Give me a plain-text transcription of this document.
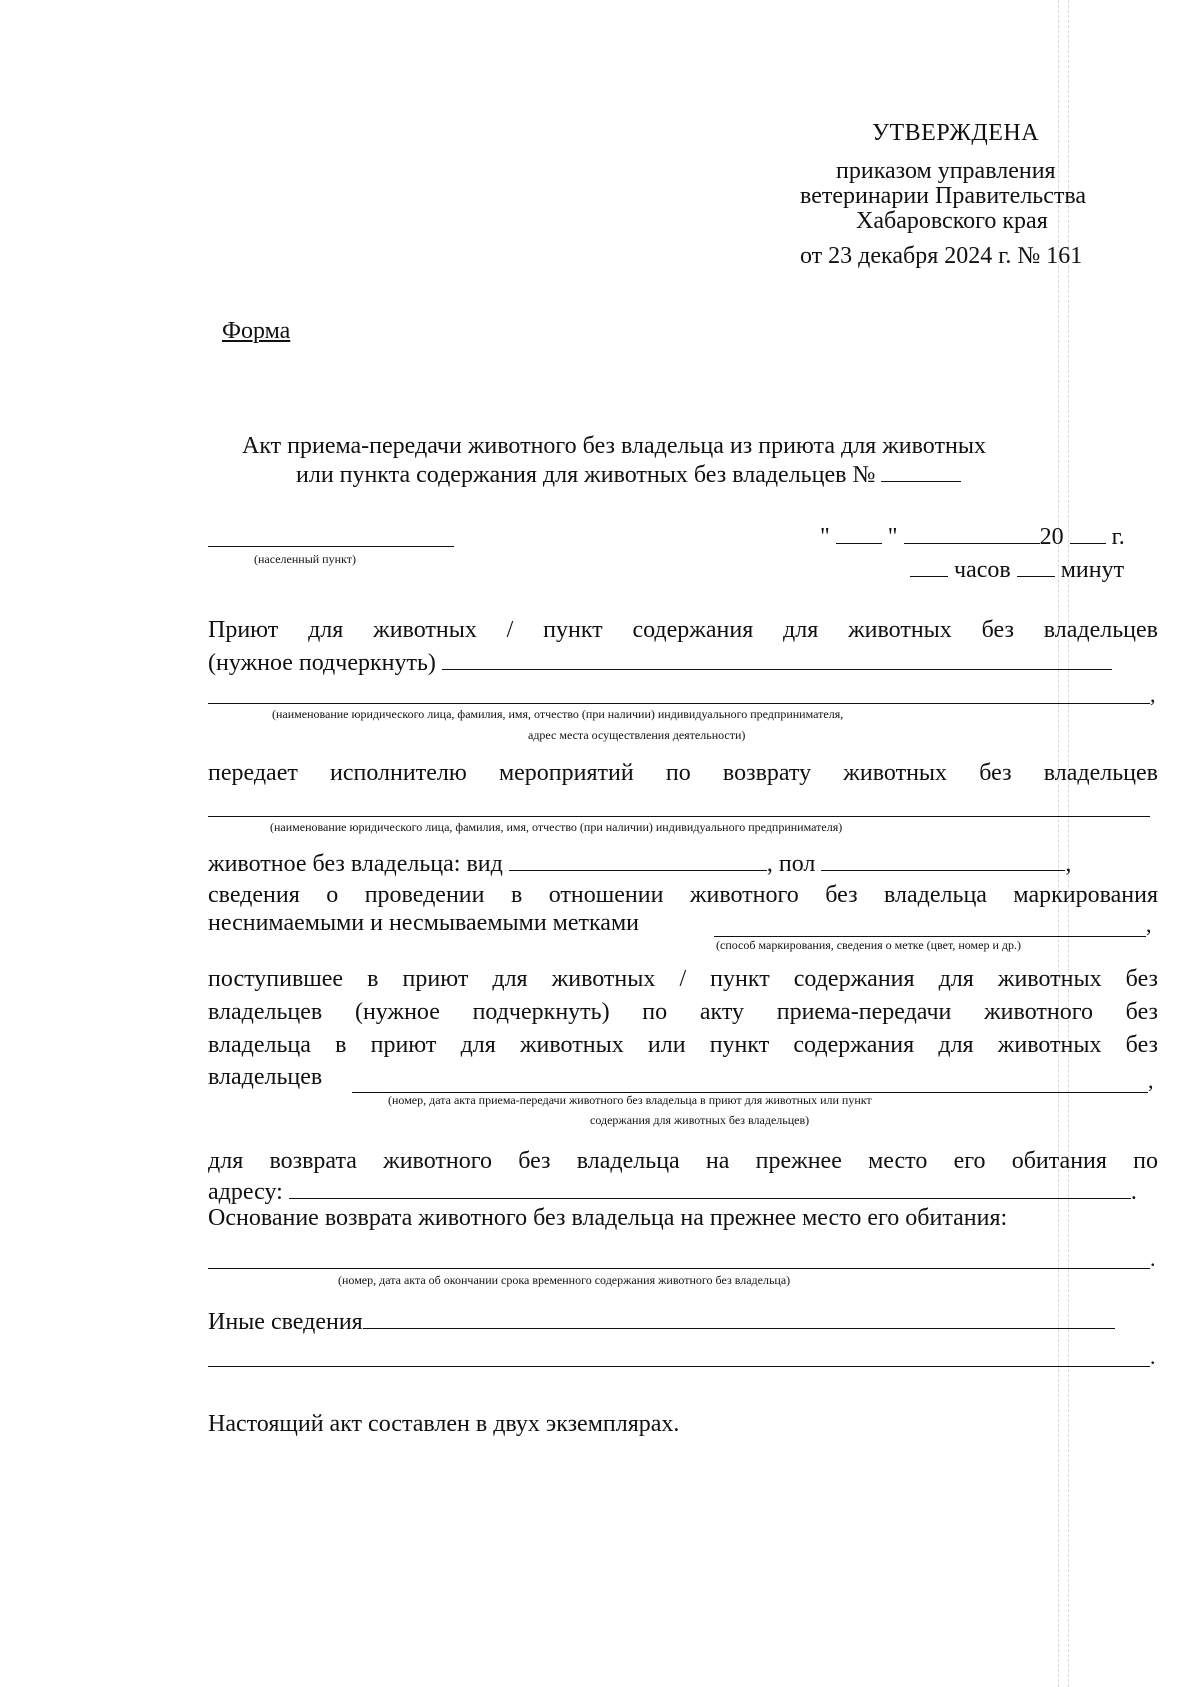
УТВЕРЖДЕНА
приказом управления
ветеринарии Правительства
Хабаровского края
от 23 декабря 2024 г. № 161
Форма
Акт приема-передачи животного без владельца из приюта для животных
или пункта содержания для животных без владельцев №
(населенный пункт)
" "	20 г.
часов минут
Приют для животных / пункт содержания для животных без владельцев
(нужное подчеркнуть)
,
(наименование юридического лица, фамилия, имя, отчество (при наличии) индивидуального предпринимателя,
адрес места осуществления деятельности)
передает исполнителю мероприятий по возврату животных без владельцев
(наименование юридического лица, фамилия, имя, отчество (при наличии) индивидуального предпринимателя)
животное без владельца: вид	, пол	,
сведения о проведении в отношении животного без владельца маркирования
неснимаемыми и несмываемыми метками	,
(способ маркирования, сведения о метке (цвет, номер и др.)
поступившее в приют для животных / пункт содержания для животных без
владельцев (нужное подчеркнуть) по акту приема-передачи животного без
владельца в приют для животных или пункт содержания для животных без
владельцев	,
(номер, дата акта приема-передачи животного без владельца в приют для животных или пункт
содержания для животных без владельцев)
для возврата животного без владельца на прежнее место его обитания по
адресу:	.
Основание возврата животного без владельца на прежнее место его обитания:
.
(номер, дата акта об окончании срока временного содержания животного без владельца)
Иные сведения
.
Настоящий акт составлен в двух экземплярах.
